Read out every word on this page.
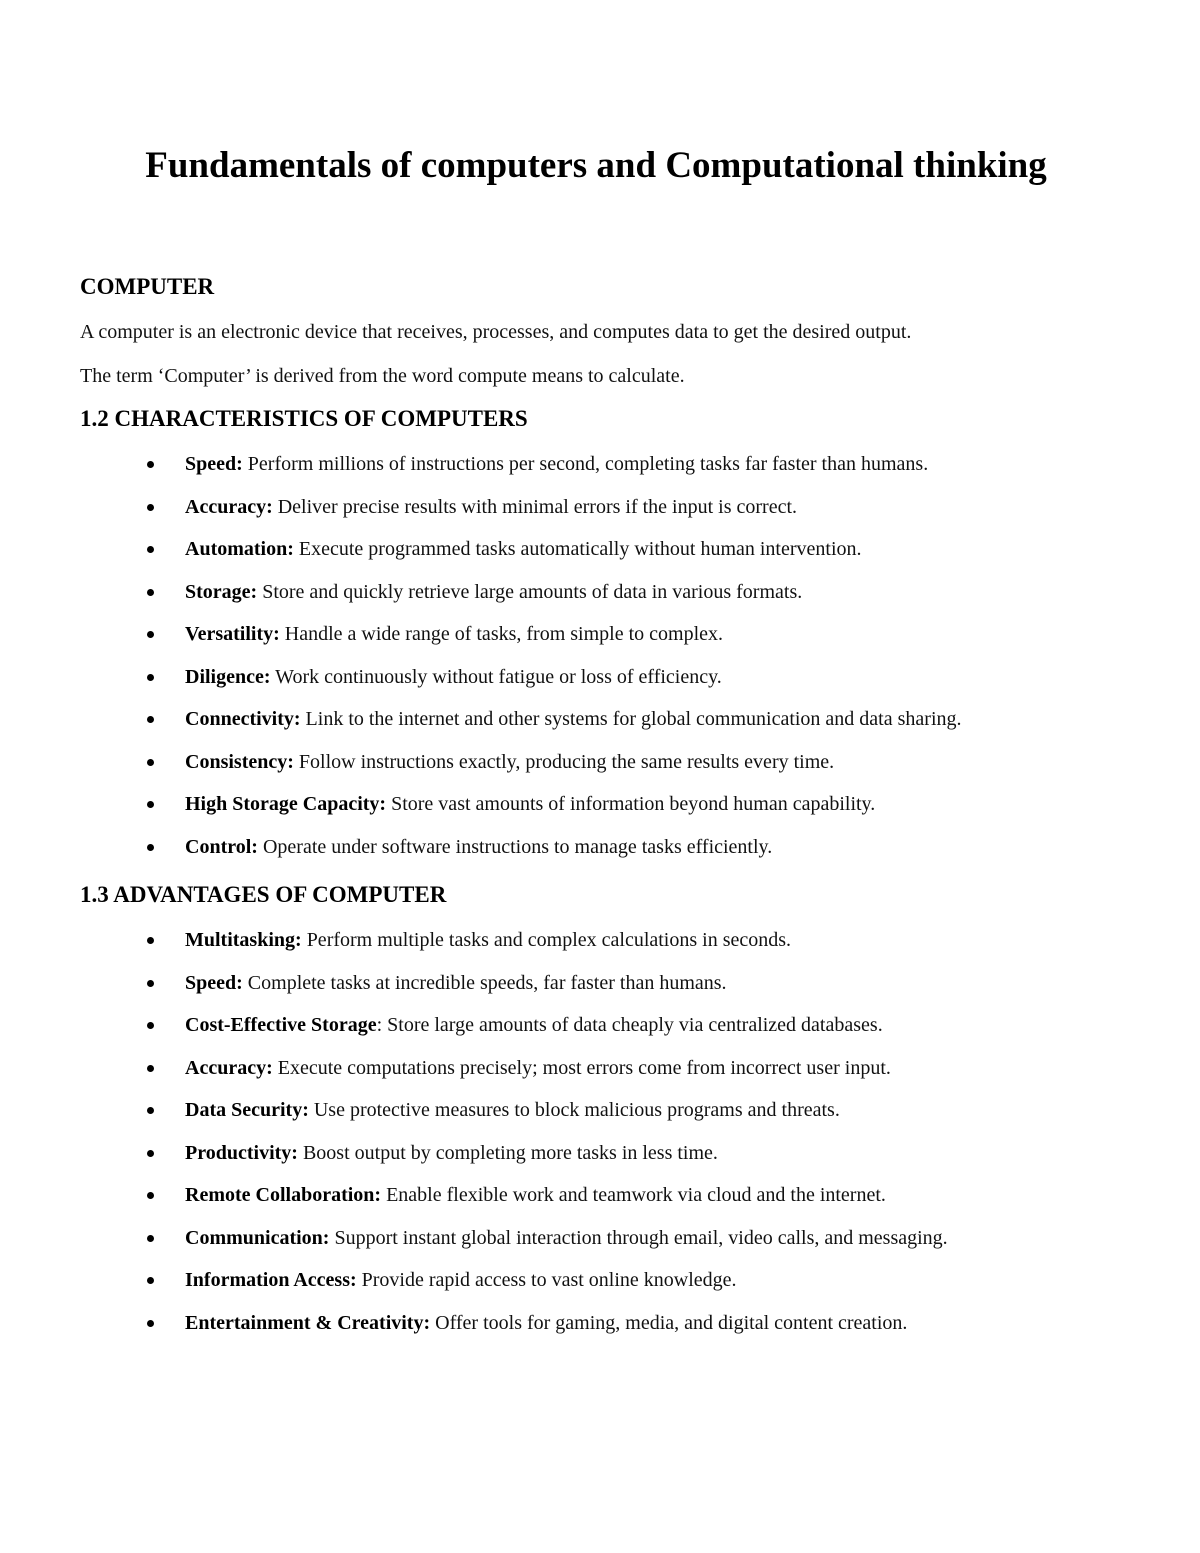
Fundamentals of computers and Computational thinking
COMPUTER

A computer is an electronic device that receives, processes, and computes data to get the desired output.

The term ‘Computer’ is derived from the word compute means to calculate.

1.2 CHARACTERISTICS OF COMPUTERS
Speed: Perform millions of instructions per second, completing tasks far faster than humans.
Accuracy: Deliver precise results with minimal errors if the input is correct.
Automation: Execute programmed tasks automatically without human intervention.
Storage: Store and quickly retrieve large amounts of data in various formats.
Versatility: Handle a wide range of tasks, from simple to complex.
Diligence: Work continuously without fatigue or loss of efficiency.
Connectivity: Link to the internet and other systems for global communication and data sharing.
Consistency: Follow instructions exactly, producing the same results every time.
High Storage Capacity: Store vast amounts of information beyond human capability.
Control: Operate under software instructions to manage tasks efficiently.
1.3 ADVANTAGES OF COMPUTER
Multitasking: Perform multiple tasks and complex calculations in seconds.
Speed: Complete tasks at incredible speeds, far faster than humans.
Cost-Effective Storage: Store large amounts of data cheaply via centralized databases.
Accuracy: Execute computations precisely; most errors come from incorrect user input.
Data Security: Use protective measures to block malicious programs and threats.
Productivity: Boost output by completing more tasks in less time.
Remote Collaboration: Enable flexible work and teamwork via cloud and the internet.
Communication: Support instant global interaction through email, video calls, and messaging.
Information Access: Provide rapid access to vast online knowledge.
Entertainment & Creativity: Offer tools for gaming, media, and digital content creation.
